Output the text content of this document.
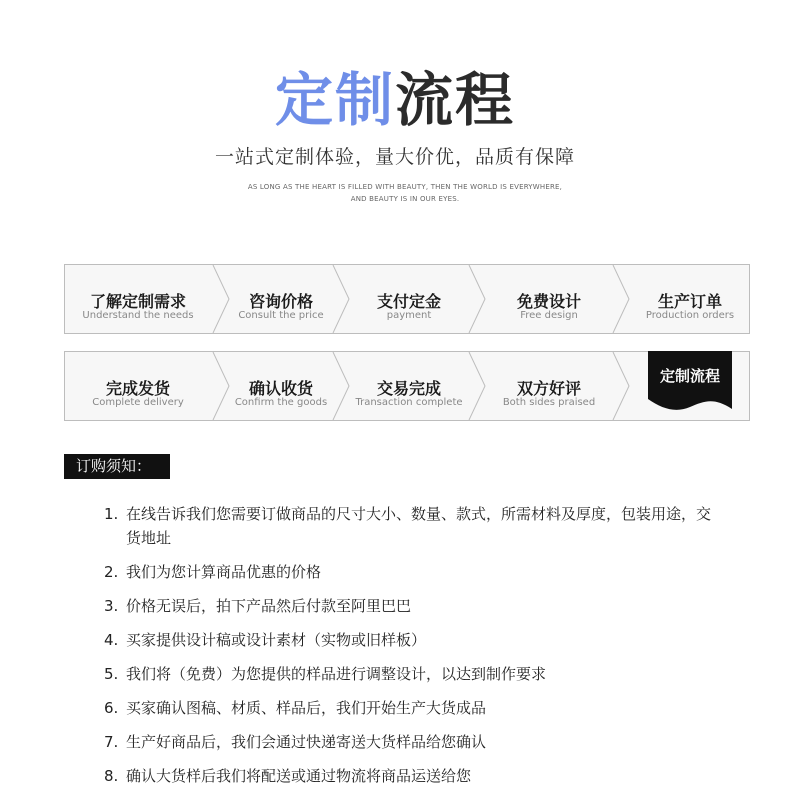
定制流程
一站式定制体验，量大价优，品质有保障
AS LONG AS THE HEART IS FILLED WITH BEAUTY, THEN THE WORLD IS EVERYWHERE,
AND BEAUTY IS IN OUR EYES.
了解定制需求
Understand the needs
咨询价格
Consult the price
支付定金
payment
免费设计
Free design
生产订单
Production orders
完成发货
Complete delivery
确认收货
Confirm the goods
交易完成
Transaction complete
双方好评
Both sides praised
定制流程
订购须知：
1. 在线告诉我们您需要订做商品的尺寸大小、数量、款式，所需材料及厚度，包装用途，交货地址
2. 我们为您计算商品优惠的价格
3. 价格无误后，拍下产品然后付款至阿里巴巴
4. 买家提供设计稿或设计素材（实物或旧样板）
5. 我们将（免费）为您提供的样品进行调整设计，以达到制作要求
6. 买家确认图稿、材质、样品后，我们开始生产大货成品
7. 生产好商品后，我们会通过快递寄送大货样品给您确认
8. 确认大货样后我们将配送或通过物流将商品运送给您
